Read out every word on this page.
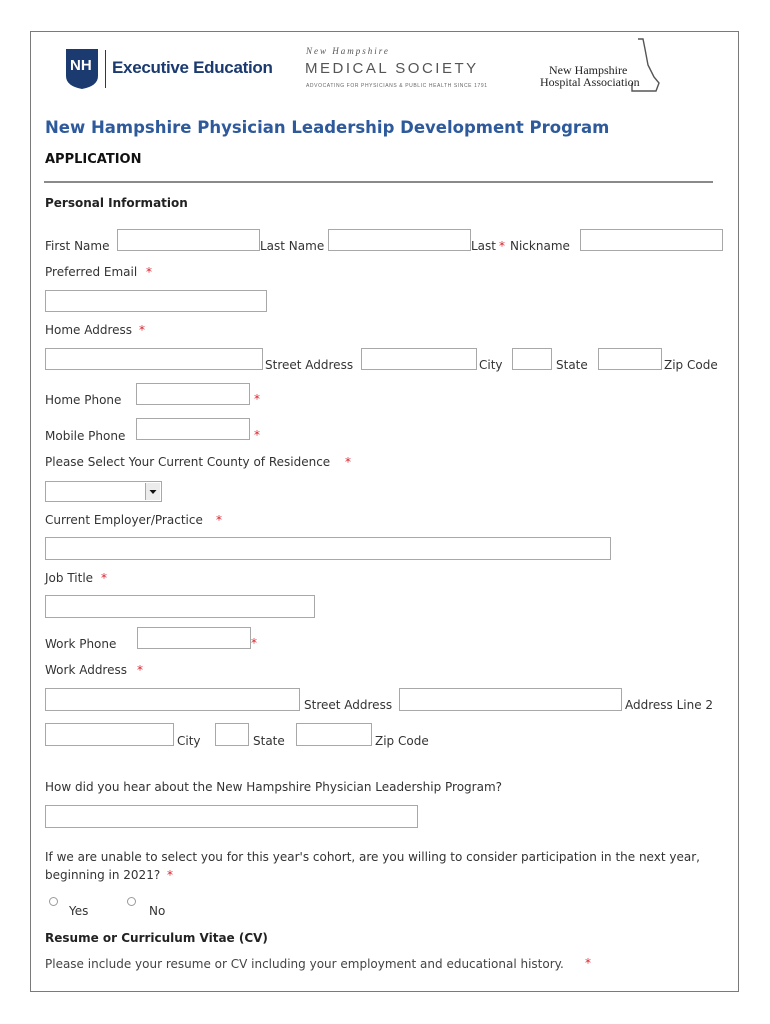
NH Executive Education
New Hampshire
MEDICAL SOCIETY
ADVOCATING FOR PHYSICIANS & PUBLIC HEALTH SINCE 1791
New Hampshire
Hospital Association
New Hampshire Physician Leadership Development Program
APPLICATION
Personal Information
First Name	Last Name	Last * Nickname
Preferred Email *
Home Address *
Street Address	City	State	Zip Code
Home Phone	*
Mobile Phone	*
Please Select Your Current County of Residence *
Current Employer/Practice *
Job Title *
Work Phone	*
Work Address *
Street Address	Address Line 2
City	State	Zip Code
How did you hear about the New Hampshire Physician Leadership Program?
If we are unable to select you for this year's cohort, are you willing to consider participation in the next year,
beginning in 2021? *
Yes	No
Resume or Curriculum Vitae (CV)
Please include your resume or CV including your employment and educational history. *
